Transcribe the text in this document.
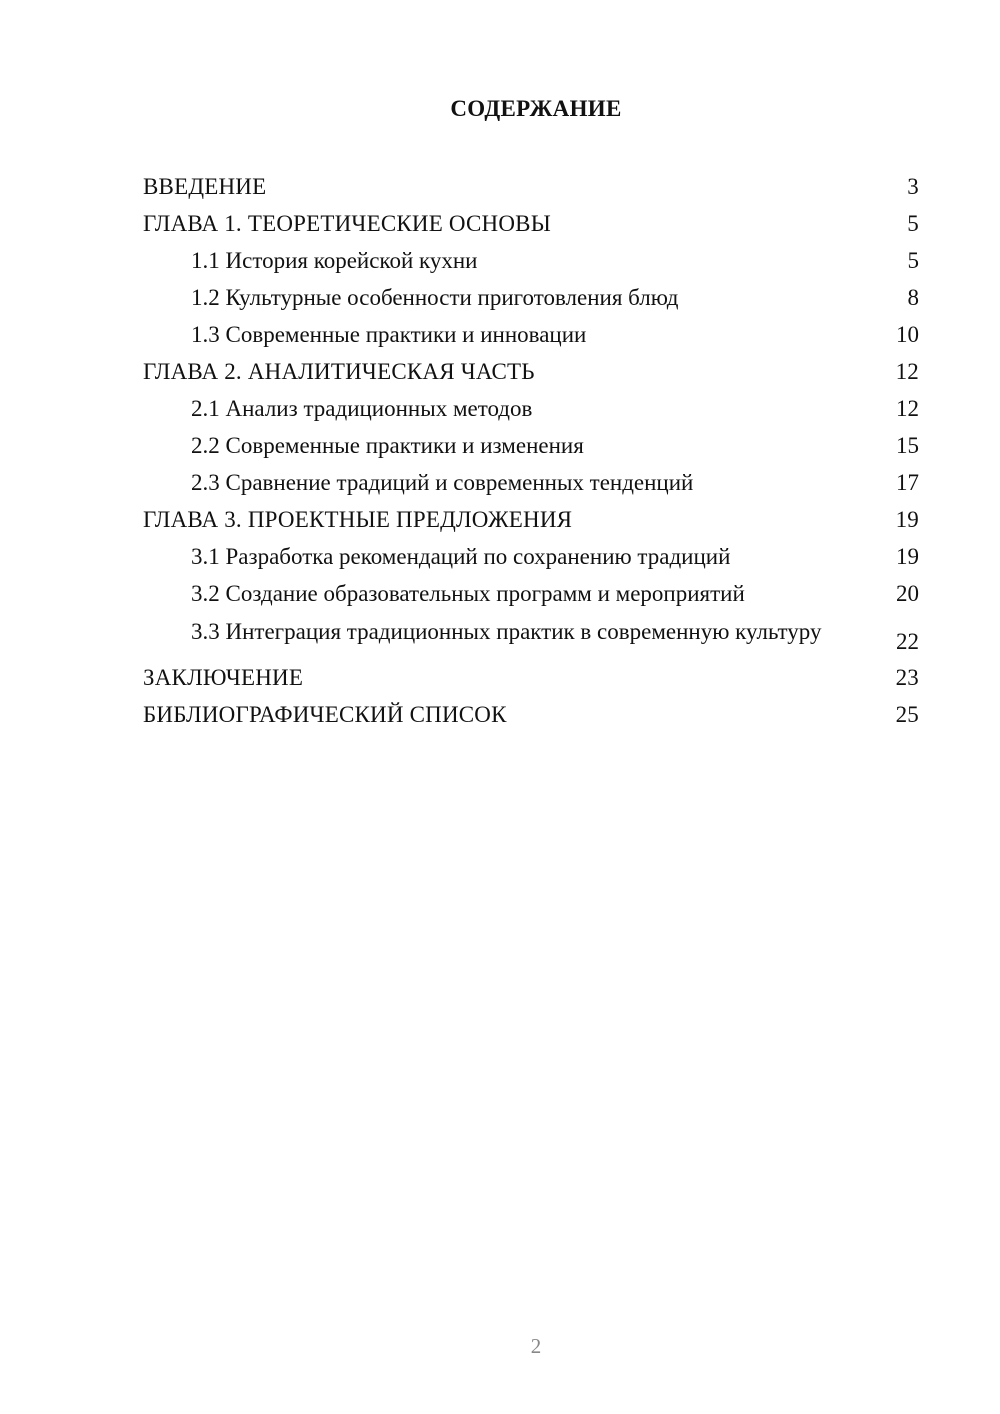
СОДЕРЖАНИЕ
ВВЕДЕНИЕ	3
ГЛАВА 1. ТЕОРЕТИЧЕСКИЕ ОСНОВЫ	5
1.1 История корейской кухни	5
1.2 Культурные особенности приготовления блюд	8
1.3 Современные практики и инновации	10
ГЛАВА 2. АНАЛИТИЧЕСКАЯ ЧАСТЬ	12
2.1 Анализ традиционных методов	12
2.2 Современные практики и изменения	15
2.3 Сравнение традиций и современных тенденций	17
ГЛАВА 3. ПРОЕКТНЫЕ ПРЕДЛОЖЕНИЯ	19
3.1 Разработка рекомендаций по сохранению традиций	19
3.2 Создание образовательных программ и мероприятий	20
3.3 Интеграция традиционных практик в современную культуру	22
ЗАКЛЮЧЕНИЕ	23
БИБЛИОГРАФИЧЕСКИЙ СПИСОК	25
2
